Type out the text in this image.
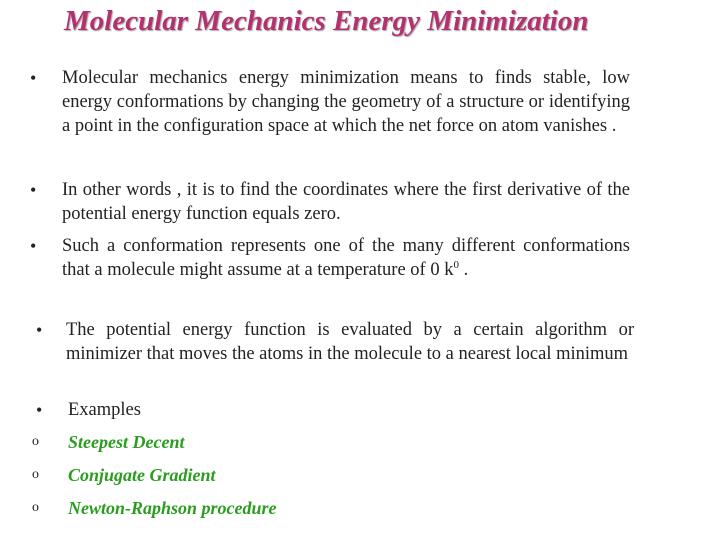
Molecular Mechanics Energy Minimization
• Molecular mechanics energy minimization means to finds stable, low energy conformations by changing the geometry of a structure or identifying a point in the configuration space at which the net force on atom vanishes .

• In other words , it is to find the coordinates where the first derivative of the potential energy function equals zero.

• Such a conformation represents one of the many different conformations that a molecule might assume at a temperature of 0 $k^0$ .

• The potential energy function is evaluated by a certain algorithm or minimizer that moves the atoms in the molecule to a nearest local minimum

• Examples

o Steepest Decent

o Conjugate Gradient

o Newton-Raphson procedure
